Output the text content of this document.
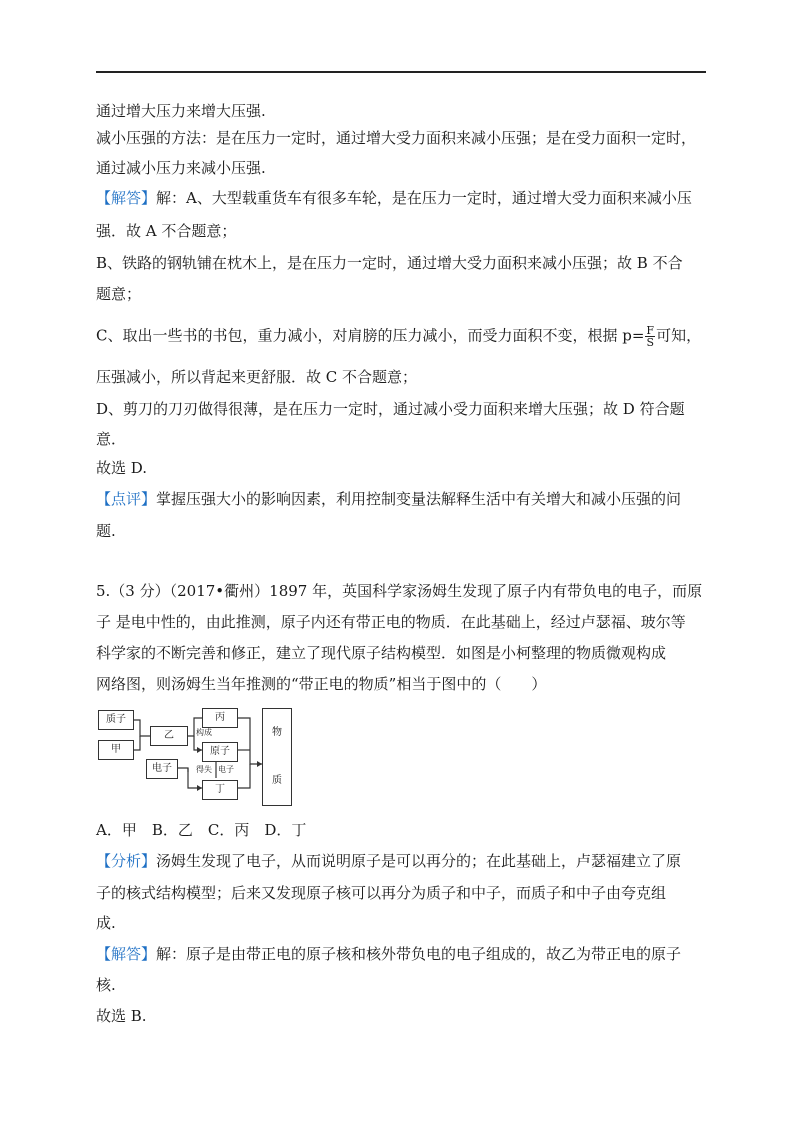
通过增大压力来增大压强.
减小压强的方法：是在压力一定时，通过增大受力面积来减小压强；是在受力面积一定时，
通过减小压力来减小压强.
【解答】解：A、大型载重货车有很多车轮，是在压力一定时，通过增大受力面积来减小压
强．故 A 不合题意；
B、铁路的钢轨铺在枕木上，是在压力一定时，通过增大受力面积来减小压强；故 B 不合
题意；
C、取出一些书的书包，重力减小，对肩膀的压力减小，而受力面积不变，根据 $p= \frac{F}{S}$ 可知，
压强减小，所以背起来更舒服．故 C 不合题意；
D、剪刀的刀刃做得很薄，是在压力一定时，通过减小受力面积来增大压强；故 D 符合题
意．
故选 D.
【点评】掌握压强大小的影响因素，利用控制变量法解释生活中有关增大和减小压强的问
题.
5.（3 分）（2017•衢州）1897 年，英国科学家汤姆生发现了原子内有带负电的电子，而原
子 是电中性的，由此推测，原子内还有带正电的物质．在此基础上，经过卢瑟福、玻尔等
科学家的不断完善和修正，建立了现代原子结构模型．如图是小柯整理的物质微观构成
网络图，则汤姆生当年推测的“带正电的物质”相当于图中的（　　）
质子
甲
乙
电子
丙
原子
丁
物
质
构成
得失 电子
A．甲　B．乙　C．丙　D．丁
【分析】汤姆生发现了电子，从而说明原子是可以再分的；在此基础上，卢瑟福建立了原
子的核式结构模型；后来又发现原子核可以再分为质子和中子，而质子和中子由夸克组
成.
【解答】解：原子是由带正电的原子核和核外带负电的电子组成的，故乙为带正电的原子
核.
故选 B.
